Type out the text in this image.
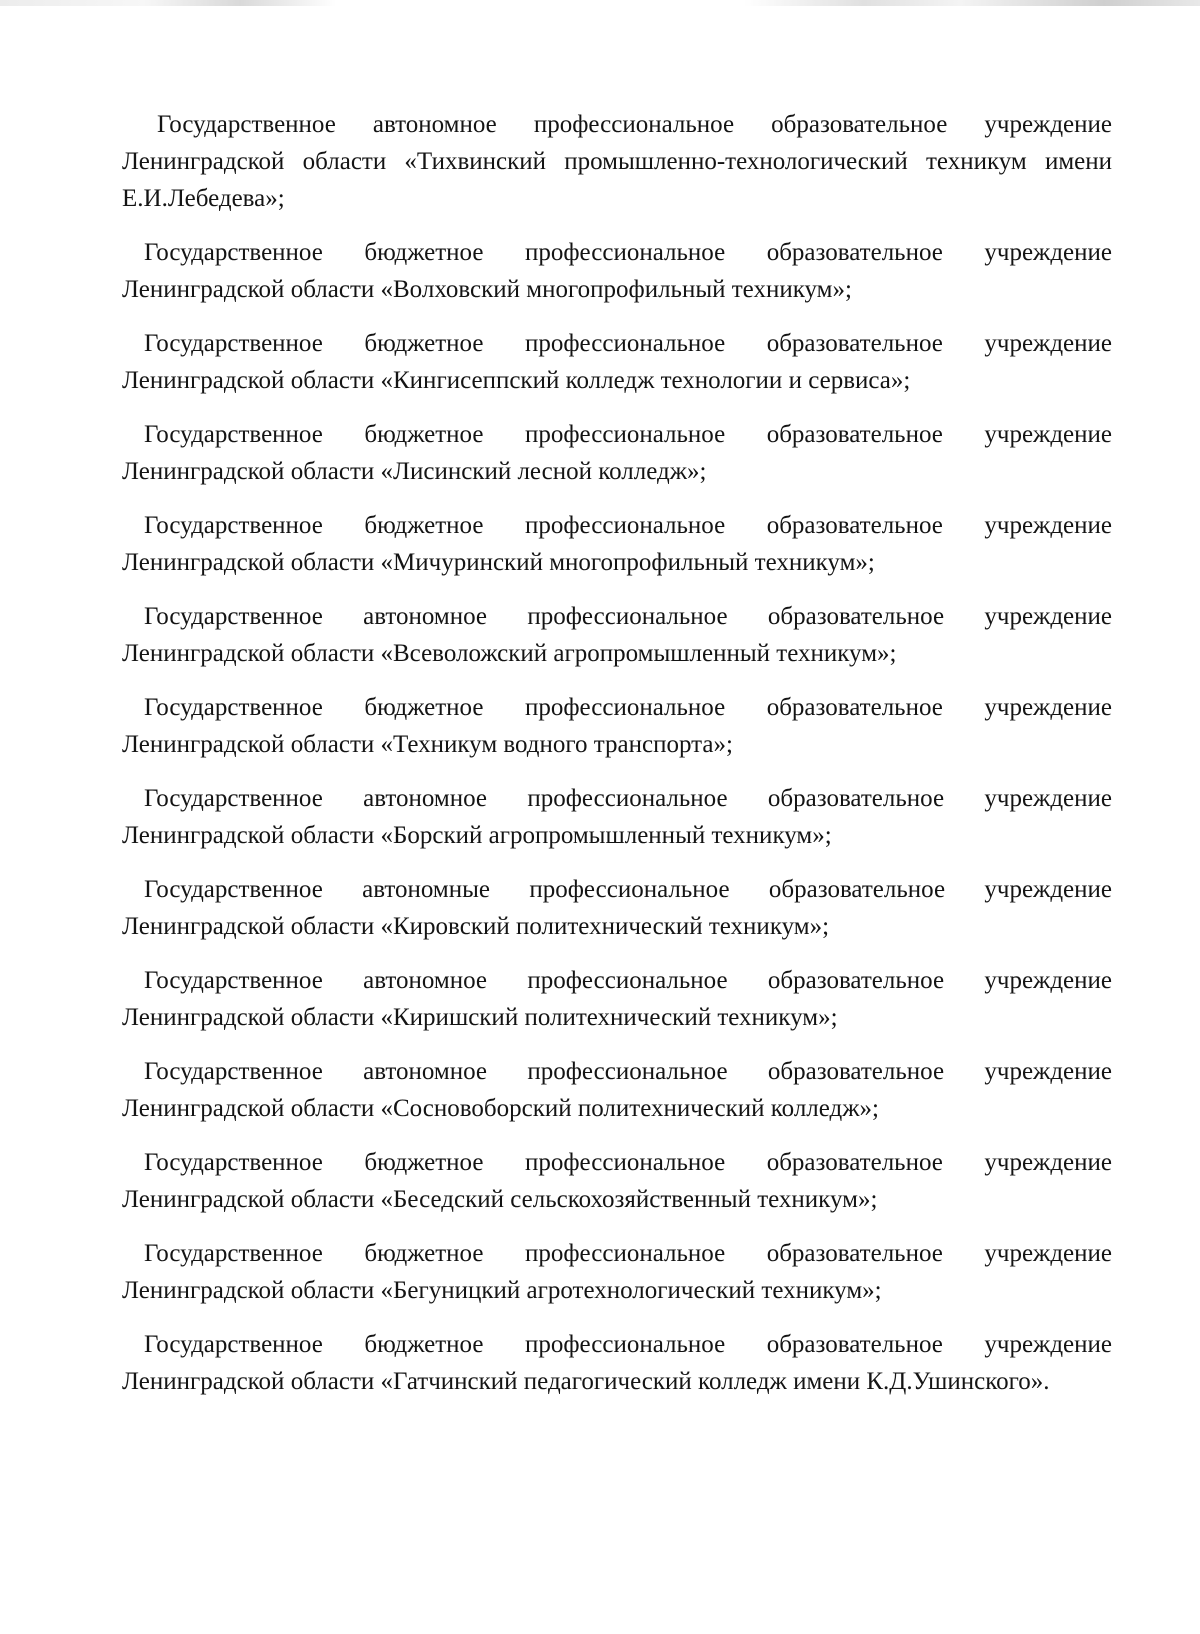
Государственное автономное профессиональное образовательное учреждение Ленинградской области «Тихвинский промышленно-технологический техникум имени Е.И.Лебедева»;

Государственное бюджетное профессиональное образовательное учреждение Ленинградской области «Волховский многопрофильный техникум»;

Государственное бюджетное профессиональное образовательное учреждение Ленинградской области «Кингисеппский колледж технологии и сервиса»;

Государственное бюджетное профессиональное образовательное учреждение Ленинградской области «Лисинский лесной колледж»;

Государственное бюджетное профессиональное образовательное учреждение Ленинградской области «Мичуринский многопрофильный техникум»;

Государственное автономное профессиональное образовательное учреждение Ленинградской области «Всеволожский агропромышленный техникум»;

Государственное бюджетное профессиональное образовательное учреждение Ленинградской области «Техникум водного транспорта»;

Государственное автономное профессиональное образовательное учреждение Ленинградской области «Борский агропромышленный техникум»;

Государственное автономные профессиональное образовательное учреждение Ленинградской области «Кировский политехнический техникум»;

Государственное автономное профессиональное образовательное учреждение Ленинградской области «Киришский политехнический техникум»;

Государственное автономное профессиональное образовательное учреждение Ленинградской области «Сосновоборский политехнический колледж»;

Государственное бюджетное профессиональное образовательное учреждение Ленинградской области «Беседский сельскохозяйственный техникум»;

Государственное бюджетное профессиональное образовательное учреждение Ленинградской области «Бегуницкий агротехнологический техникум»;

Государственное бюджетное профессиональное образовательное учреждение Ленинградской области «Гатчинский педагогический колледж имени К.Д.Ушинского».
